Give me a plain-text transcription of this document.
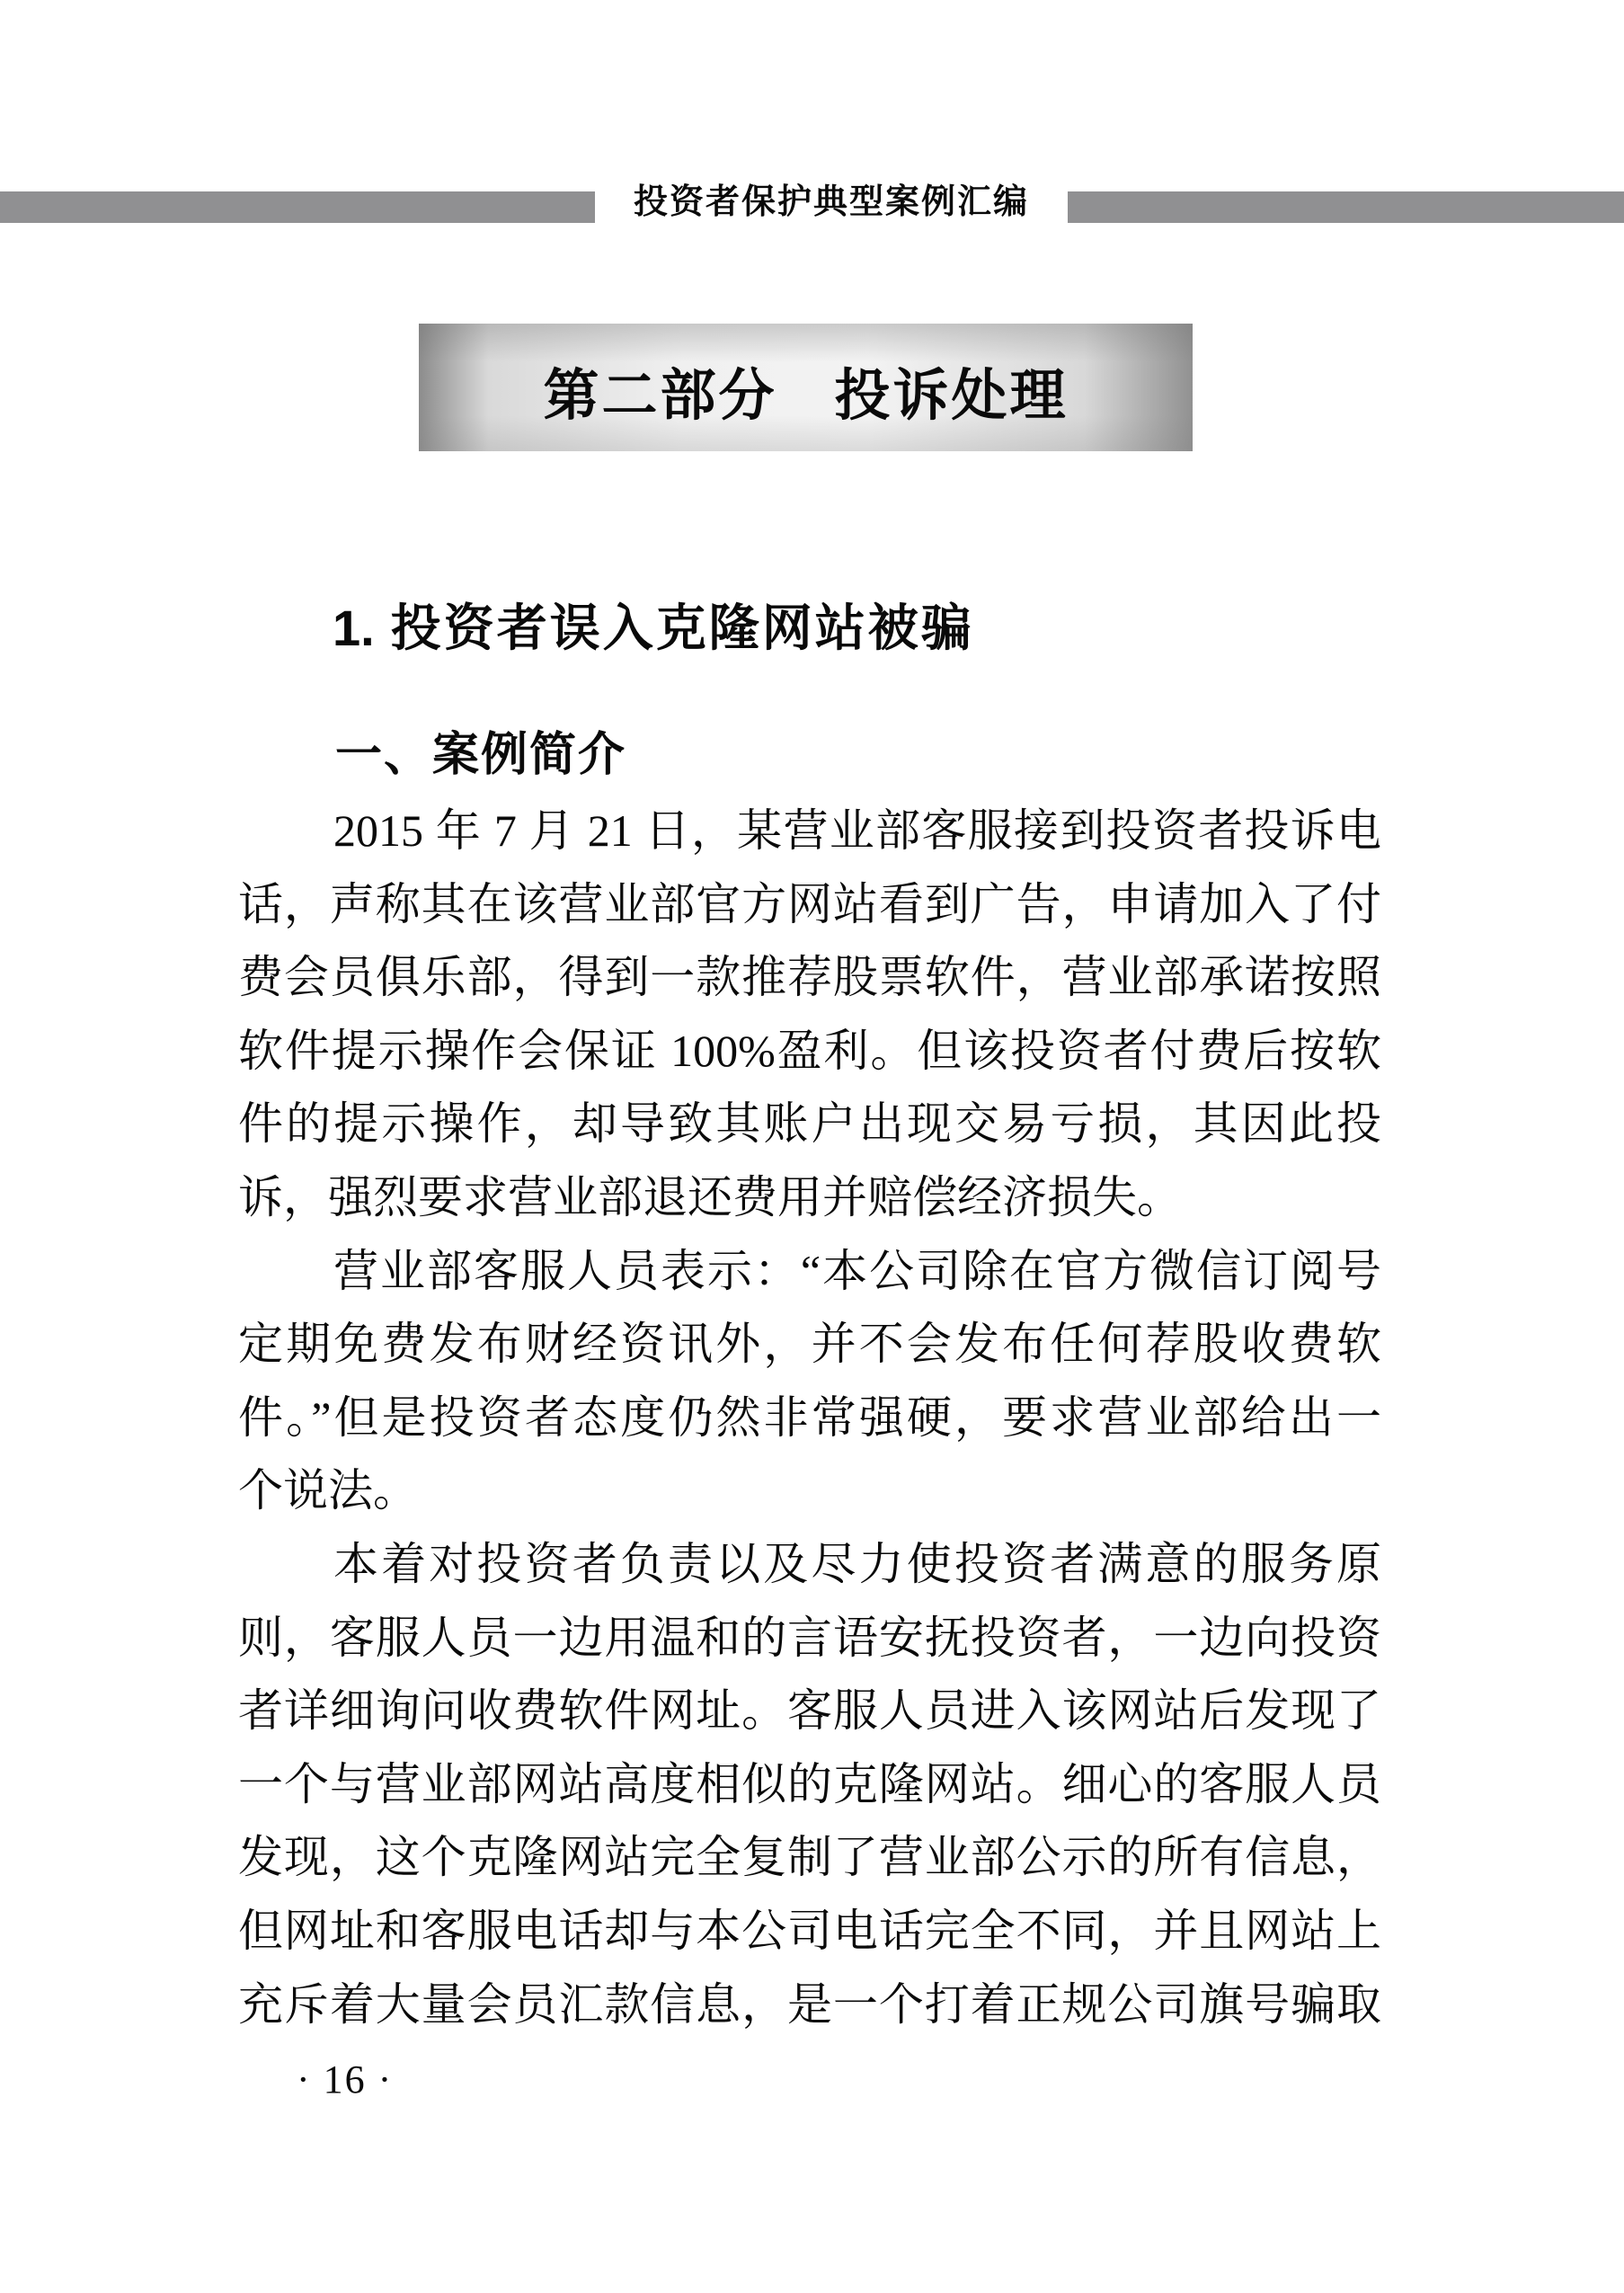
投资者保护典型案例汇编
第二部分 投诉处理
1. 投资者误入克隆网站被骗
一、案例简介
2015 年 7 月 21 日，某营业部客服接到投资者投诉电
话，声称其在该营业部官方网站看到广告，申请加入了付
费会员俱乐部，得到一款推荐股票软件，营业部承诺按照
软件提示操作会保证 100%盈利。但该投资者付费后按软
件的提示操作，却导致其账户出现交易亏损，其因此投
诉，强烈要求营业部退还费用并赔偿经济损失。
营业部客服人员表示：“本公司除在官方微信订阅号
定期免费发布财经资讯外，并不会发布任何荐股收费软
件。”但是投资者态度仍然非常强硬，要求营业部给出一
个说法。
本着对投资者负责以及尽力使投资者满意的服务原
则，客服人员一边用温和的言语安抚投资者，一边向投资
者详细询问收费软件网址。客服人员进入该网站后发现了
一个与营业部网站高度相似的克隆网站。细心的客服人员
发现，这个克隆网站完全复制了营业部公示的所有信息，
但网址和客服电话却与本公司电话完全不同，并且网站上
充斥着大量会员汇款信息，是一个打着正规公司旗号骗取
· 16 ·
